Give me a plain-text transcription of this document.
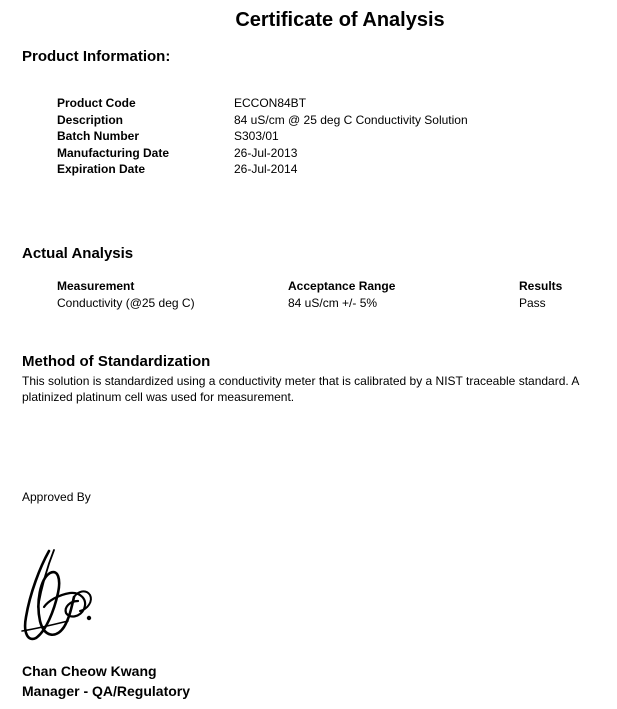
Certificate of Analysis
Product Information:
Product Code	ECCON84BT
Description	84 uS/cm @ 25 deg C Conductivity Solution
Batch Number	S303/01
Manufacturing Date	26-Jul-2013
Expiration Date	26-Jul-2014
Actual Analysis
Measurement	Acceptance Range	Results
Conductivity (@25 deg C)	84 uS/cm +/- 5%	Pass
Method of Standardization
This solution is standardized using a conductivity meter that is calibrated by a NIST traceable standard. A platinized platinum cell was used for measurement.
Approved By
Chan Cheow Kwang
Manager - QA/Regulatory
